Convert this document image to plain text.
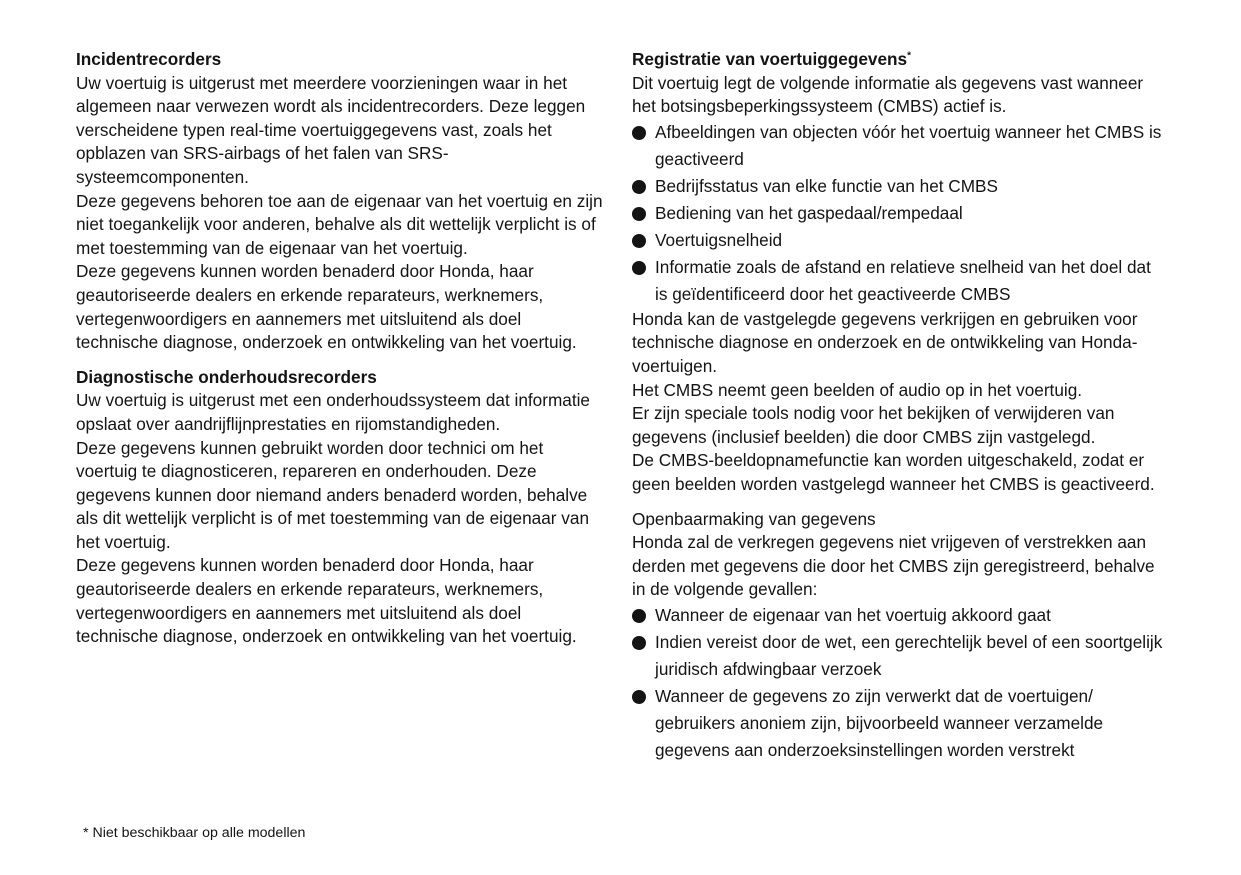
Incidentrecorders

Uw voertuig is uitgerust met meerdere voorzieningen waar in het algemeen naar verwezen wordt als incidentrecorders. Deze leggen verscheidene typen real-time voertuiggegevens vast, zoals het opblazen van SRS-airbags of het falen van SRS-systeemcomponenten.

Deze gegevens behoren toe aan de eigenaar van het voertuig en zijn niet toegankelijk voor anderen, behalve als dit wettelijk verplicht is of met toestemming van de eigenaar van het voertuig.

Deze gegevens kunnen worden benaderd door Honda, haar geautoriseerde dealers en erkende reparateurs, werknemers, vertegenwoordigers en aannemers met uitsluitend als doel technische diagnose, onderzoek en ontwikkeling van het voertuig.

Diagnostische onderhoudsrecorders

Uw voertuig is uitgerust met een onderhoudssysteem dat informatie opslaat over aandrijflijnprestaties en rijomstandigheden.

Deze gegevens kunnen gebruikt worden door technici om het voertuig te diagnosticeren, repareren en onderhouden. Deze gegevens kunnen door niemand anders benaderd worden, behalve als dit wettelijk verplicht is of met toestemming van de eigenaar van het voertuig.

Deze gegevens kunnen worden benaderd door Honda, haar geautoriseerde dealers en erkende reparateurs, werknemers, vertegenwoordigers en aannemers met uitsluitend als doel technische diagnose, onderzoek en ontwikkeling van het voertuig.

Registratie van voertuiggegevens*

Dit voertuig legt de volgende informatie als gegevens vast wanneer het botsingsbeperkingssysteem (CMBS) actief is.

Afbeeldingen van objecten vóór het voertuig wanneer het CMBS is geactiveerd
Bedrijfsstatus van elke functie van het CMBS
Bediening van het gaspedaal/rempedaal
Voertuigsnelheid
Informatie zoals de afstand en relatieve snelheid van het doel dat is geïdentificeerd door het geactiveerde CMBS

Honda kan de vastgelegde gegevens verkrijgen en gebruiken voor technische diagnose en onderzoek en de ontwikkeling van Honda-voertuigen.

Het CMBS neemt geen beelden of audio op in het voertuig.

Er zijn speciale tools nodig voor het bekijken of verwijderen van gegevens (inclusief beelden) die door CMBS zijn vastgelegd.

De CMBS-beeldopnamefunctie kan worden uitgeschakeld, zodat er geen beelden worden vastgelegd wanneer het CMBS is geactiveerd.

Openbaarmaking van gegevens

Honda zal de verkregen gegevens niet vrijgeven of verstrekken aan derden met gegevens die door het CMBS zijn geregistreerd, behalve in de volgende gevallen:

Wanneer de eigenaar van het voertuig akkoord gaat
Indien vereist door de wet, een gerechtelijk bevel of een soortgelijk juridisch afdwingbaar verzoek
Wanneer de gegevens zo zijn verwerkt dat de voertuigen/ gebruikers anoniem zijn, bijvoorbeeld wanneer verzamelde gegevens aan onderzoeksinstellingen worden verstrekt
* Niet beschikbaar op alle modellen
